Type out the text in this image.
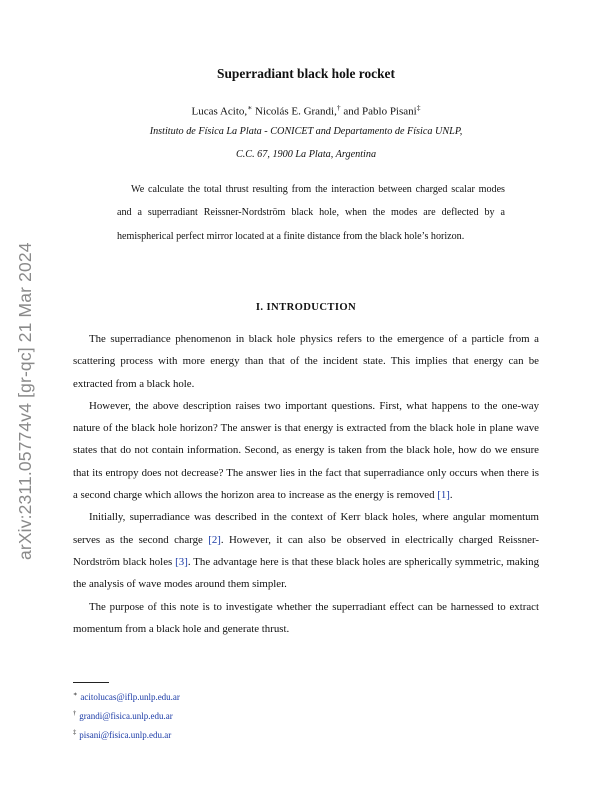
arXiv:2311.05774v4 [gr-qc] 21 Mar 2024
Superradiant black hole rocket
Lucas Acito,∗ Nicolás E. Grandi,† and Pablo Pisani‡
Instituto de Física La Plata - CONICET and Departamento de Física UNLP,
C.C. 67, 1900 La Plata, Argentina

We calculate the total thrust resulting from the interaction between charged scalar modes and a superradiant Reissner-Nordström black hole, when the modes are deflected by a hemispherical perfect mirror located at a finite distance from the black hole’s horizon.

I. INTRODUCTION

The superradiance phenomenon in black hole physics refers to the emergence of a particle from a scattering process with more energy than that of the incident state. This implies that energy can be extracted from a black hole.

However, the above description raises two important questions. First, what happens to the one-way nature of the black hole horizon? The answer is that energy is extracted from the black hole in plane wave states that do not contain information. Second, as energy is taken from the black hole, how do we ensure that its entropy does not decrease? The answer lies in the fact that superradiance only occurs when there is a second charge which allows the horizon area to increase as the energy is removed [1].

Initially, superradiance was described in the context of Kerr black holes, where angular momentum serves as the second charge [2]. However, it can also be observed in electrically charged Reissner-Nordström black holes [3]. The advantage here is that these black holes are spherically symmetric, making the analysis of wave modes around them simpler.

The purpose of this note is to investigate whether the superradiant effect can be harnessed to extract momentum from a black hole and generate thrust.

∗ acitolucas@iflp.unlp.edu.ar
† grandi@fisica.unlp.edu.ar
‡ pisani@fisica.unlp.edu.ar
